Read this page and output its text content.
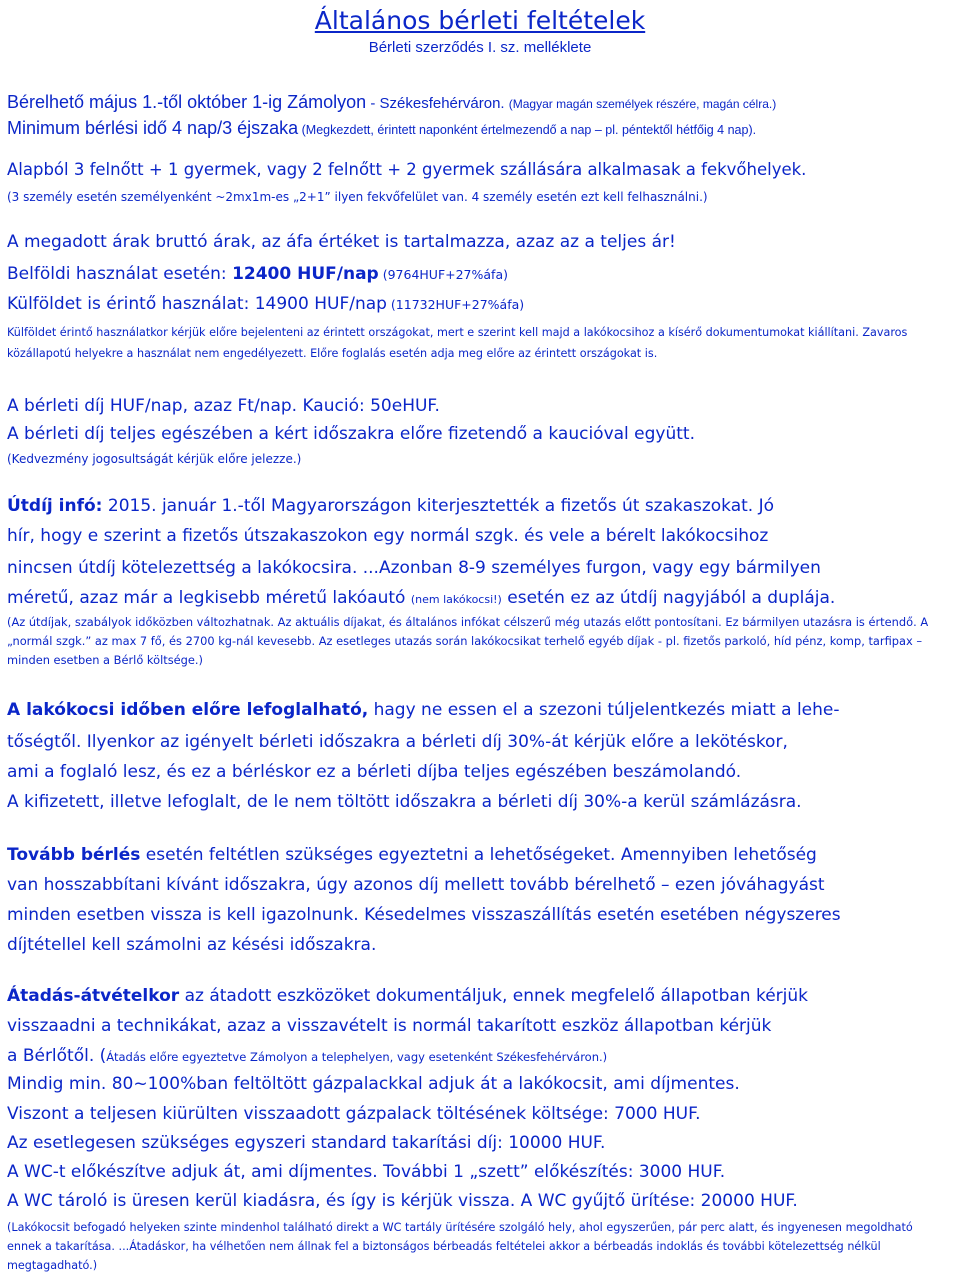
Általános bérleti feltételek
Bérleti szerződés I. sz. melléklete
Bérelhető május 1.-től október 1-ig Zámolyon - Székesfehérváron. (Magyar magán személyek részére, magán célra.)
Minimum bérlési idő 4 nap/3 éjszaka (Megkezdett, érintett naponként értelmezendő a nap – pl. péntektől hétfőig 4 nap).
Alapból 3 felnőtt + 1 gyermek, vagy 2 felnőtt + 2 gyermek szállására alkalmasak a fekvőhelyek.
(3 személy esetén személyenként ~2mx1m-es „2+1” ilyen fekvőfelület van. 4 személy esetén ezt kell felhasználni.)
A megadott árak bruttó árak, az áfa értéket is tartalmazza, azaz az a teljes ár!
Belföldi használat esetén: 12400 HUF/nap (9764HUF+27%áfa)
Külföldet is érintő használat: 14900 HUF/nap (11732HUF+27%áfa)
Külföldet érintő használatkor kérjük előre bejelenteni az érintett országokat, mert e szerint kell majd a lakókocsihoz a kísérő dokumentumokat kiállítani. Zavaros közállapotú helyekre a használat nem engedélyezett. Előre foglalás esetén adja meg előre az érintett országokat is.
A bérleti díj HUF/nap, azaz Ft/nap. Kaució: 50eHUF.
A bérleti díj teljes egészében a kért időszakra előre fizetendő a kaucióval együtt.
(Kedvezmény jogosultságát kérjük előre jelezze.)
Útdíj infó: 2015. január 1.-től Magyarországon kiterjesztették a fizetős út szakaszokat. Jó
hír, hogy e szerint a fizetős útszakaszokon egy normál szgk. és vele a bérelt lakókocsihoz
nincsen útdíj kötelezettség a lakókocsira. ...Azonban 8-9 személyes furgon, vagy egy bármilyen
méretű, azaz már a legkisebb méretű lakóautó (nem lakókocsi!) esetén ez az útdíj nagyjából a duplája.
(Az útdíjak, szabályok időközben változhatnak. Az aktuális díjakat, és általános infókat célszerű még utazás előtt pontosítani. Ez bármilyen utazásra is értendő. A „normál szgk.” az max 7 fő, és 2700 kg-nál kevesebb. Az esetleges utazás során lakókocsikat terhelő egyéb díjak - pl. fizetős parkoló, híd pénz, komp, tarfipax – minden esetben a Bérlő költsége.)
A lakókocsi időben előre lefoglalható, hagy ne essen el a szezoni túljelentkezés miatt a lehe-
tőségtől. Ilyenkor az igényelt bérleti időszakra a bérleti díj 30%-át kérjük előre a lekötéskor,
ami a foglaló lesz, és ez a bérléskor ez a bérleti díjba teljes egészében beszámolandó.
A kifizetett, illetve lefoglalt, de le nem töltött időszakra a bérleti díj 30%-a kerül számlázásra.
Tovább bérlés esetén feltétlen szükséges egyeztetni a lehetőségeket. Amennyiben lehetőség
van hosszabbítani kívánt időszakra, úgy azonos díj mellett tovább bérelhető – ezen jóváhagyást
minden esetben vissza is kell igazolnunk. Késedelmes visszaszállítás esetén esetében négyszeres
díjtétellel kell számolni az késési időszakra.
Átadás-átvételkor az átadott eszközöket dokumentáljuk, ennek megfelelő állapotban kérjük
visszaadni a technikákat, azaz a visszavételt is normál takarított eszköz állapotban kérjük
a Bérlőtől. (Átadás előre egyeztetve Zámolyon a telephelyen, vagy esetenként Székesfehérváron.)
Mindig min. 80~100%ban feltöltött gázpalackkal adjuk át a lakókocsit, ami díjmentes.
Viszont a teljesen kiürülten visszaadott gázpalack töltésének költsége: 7000 HUF.
Az esetlegesen szükséges egyszeri standard takarítási díj: 10000 HUF.
A WC-t előkészítve adjuk át, ami díjmentes. További 1 „szett” előkészítés: 3000 HUF.
A WC tároló is üresen kerül kiadásra, és így is kérjük vissza. A WC gyűjtő ürítése: 20000 HUF.
(Lakókocsit befogadó helyeken szinte mindenhol található direkt a WC tartály ürítésére szolgáló hely, ahol egyszerűen, pár perc alatt, és ingyenesen megoldható ennek a takarítása. ...Átadáskor, ha vélhetően nem állnak fel a biztonságos bérbeadás feltételei akkor a bérbeadás indoklás és további kötelezettség nélkül megtagadható.)
